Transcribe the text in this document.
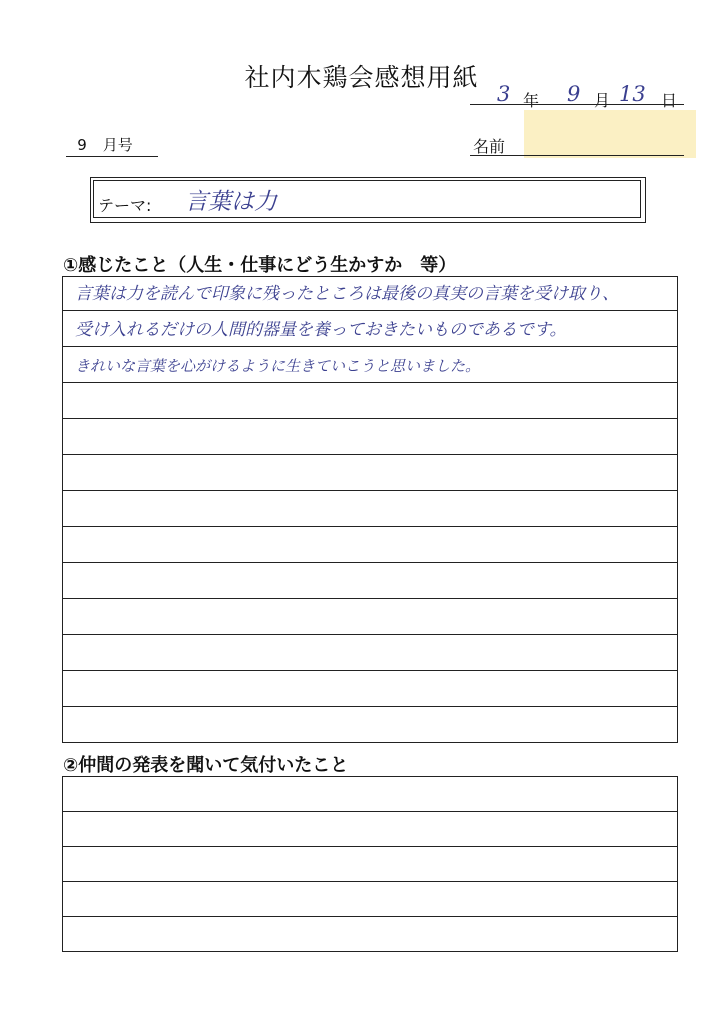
社内木鶏会感想用紙
3 年 9 月 13 日
9 月号	名前
テーマ: 言葉は力
①感じたこと（人生・仕事にどう生かすか　等）
言葉は力を読んで印象に残ったところは最後の真実の言葉を受け取り、
受け入れるだけの人間的器量を養っておきたいものであるです。
きれいな言葉を心がけるように生きていこうと思いました。
②仲間の発表を聞いて気付いたこと
